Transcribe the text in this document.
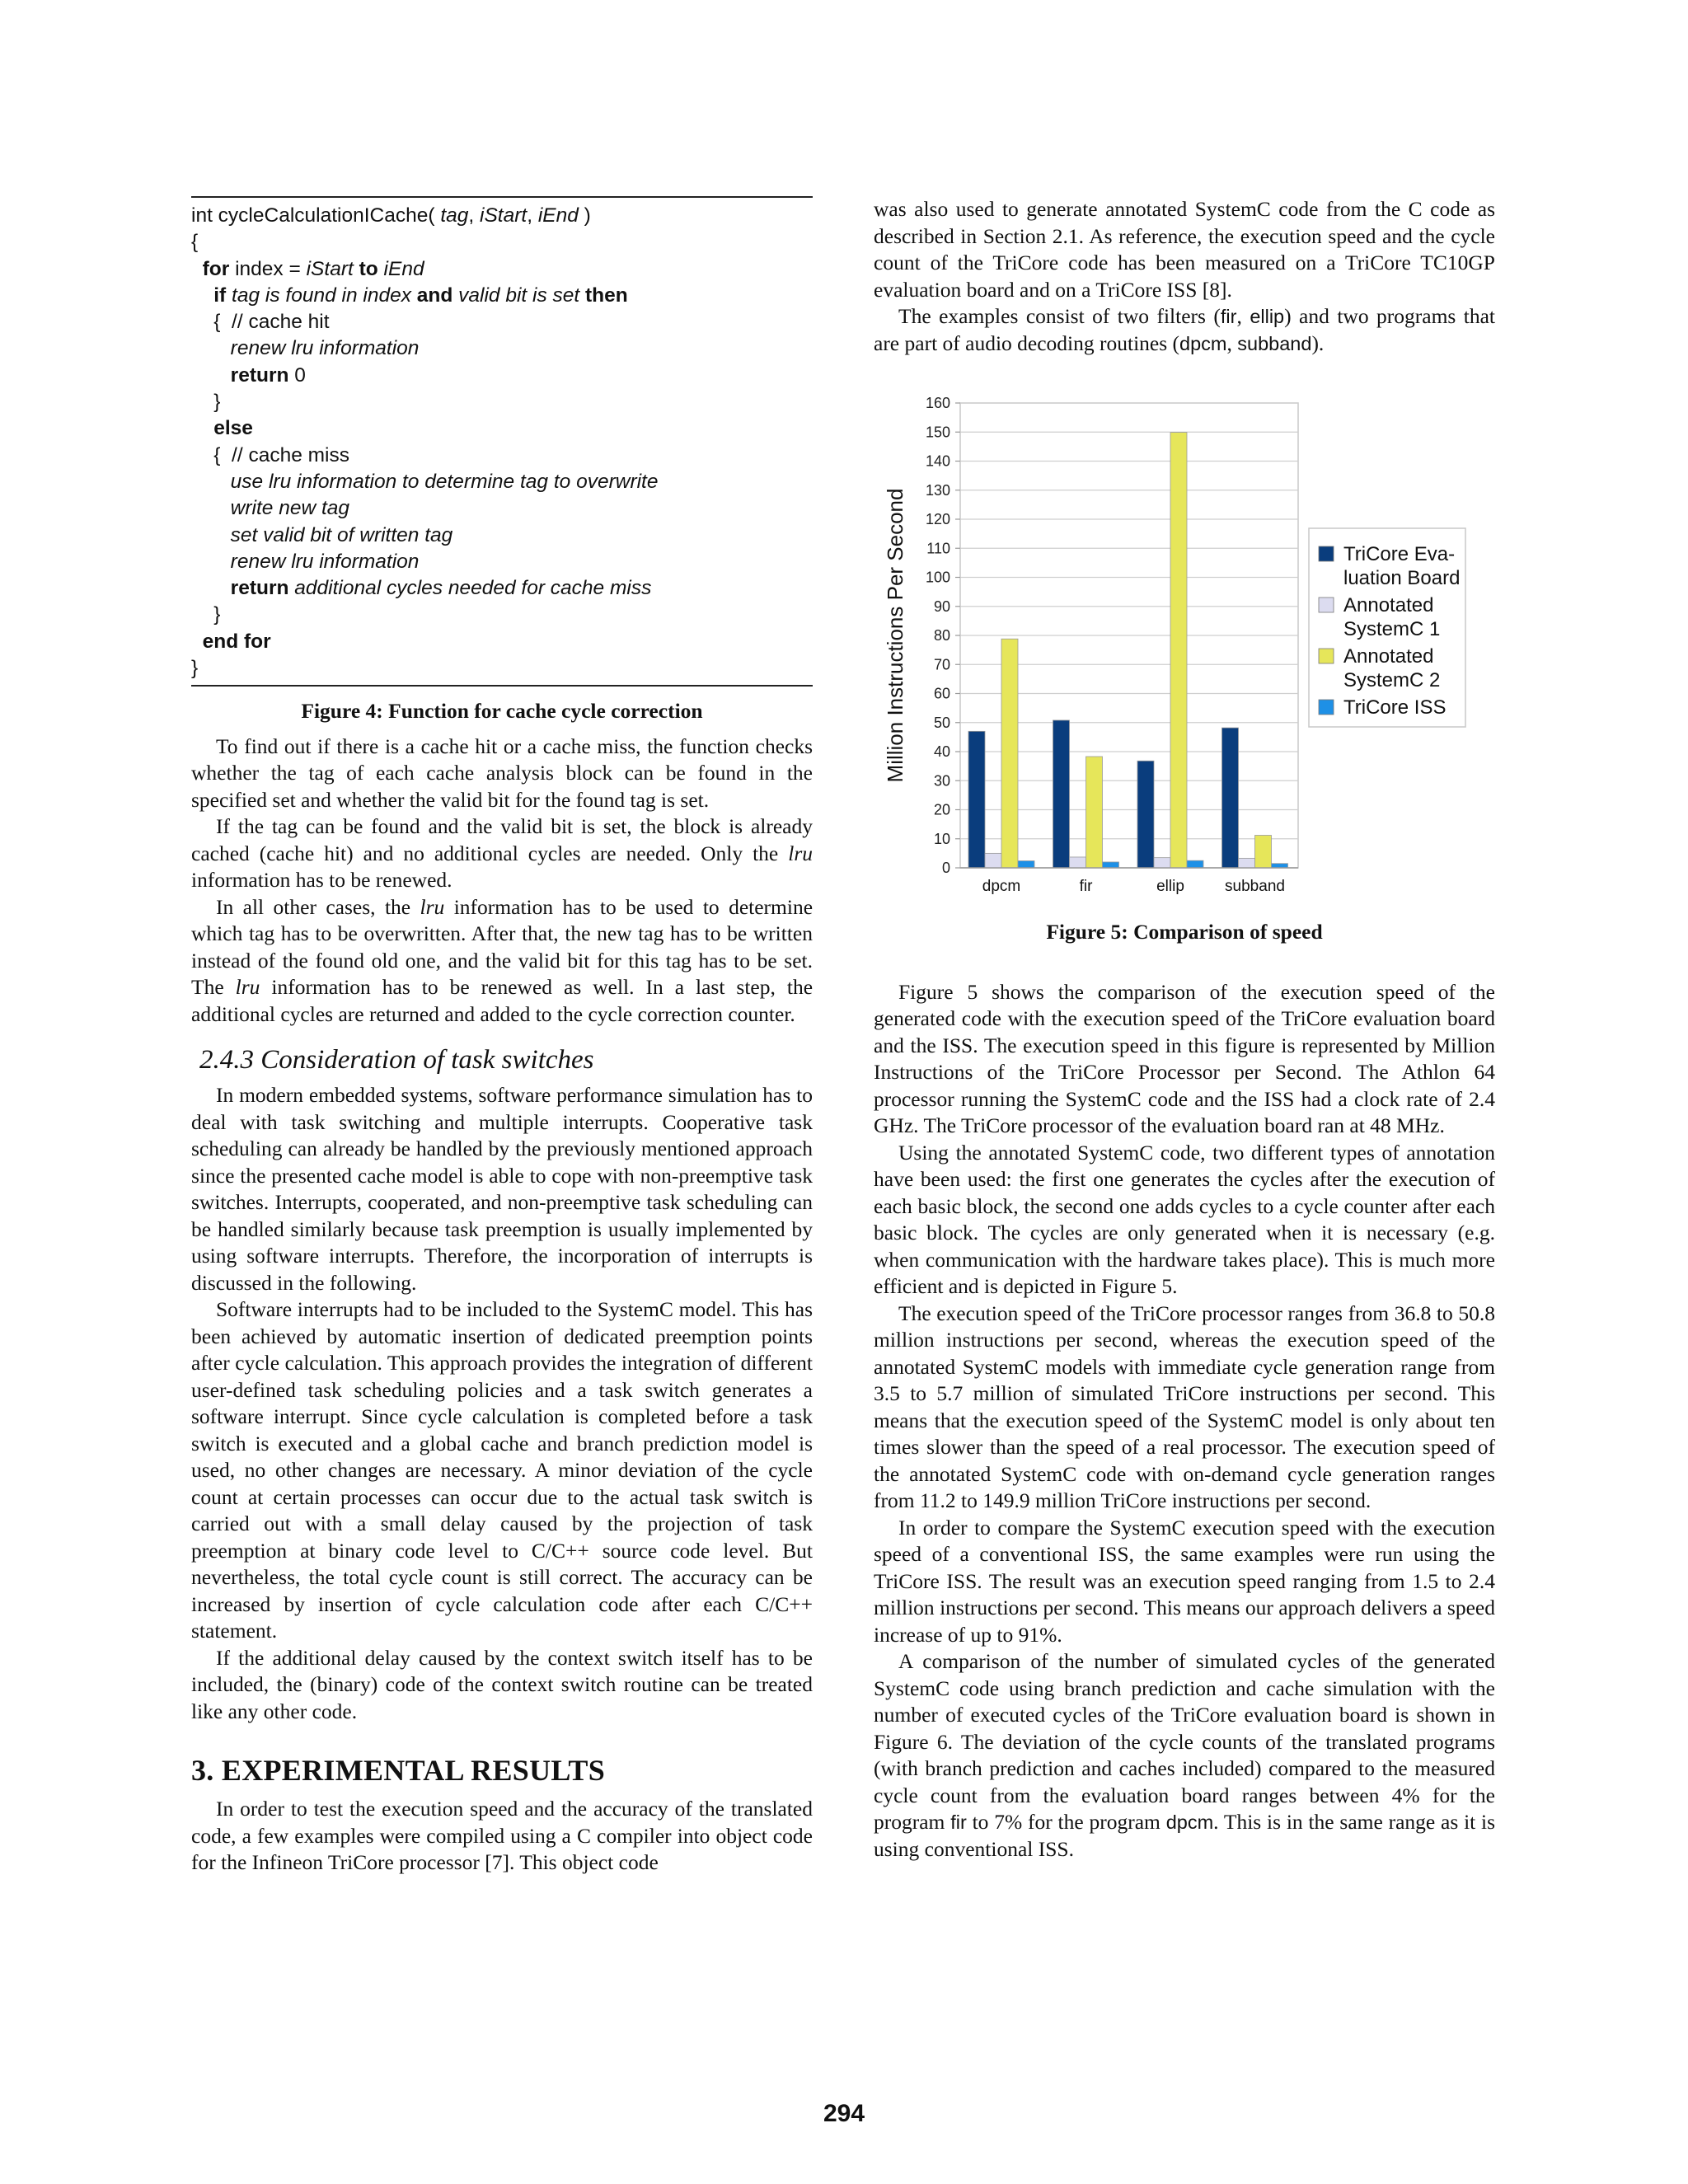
int cycleCalculationICache( tag, iStart, iEnd )
{
for index = iStart to iEnd
if tag is found in index and valid bit is set then
{  // cache hit
renew lru information
return 0
}
else
{  // cache miss
use lru information to determine tag to overwrite
write new tag
set valid bit of written tag
renew lru information
return additional cycles needed for cache miss
}
end for
}
Figure 4: Function for cache cycle correction

To find out if there is a cache hit or a cache miss, the function checks whether the tag of each cache analysis block can be found in the specified set and whether the valid bit for the found tag is set.

If the tag can be found and the valid bit is set, the block is already cached (cache hit) and no additional cycles are needed. Only the lru information has to be renewed.

In all other cases, the lru information has to be used to determine which tag has to be overwritten. After that, the new tag has to be written instead of the found old one, and the valid bit for this tag has to be set. The lru information has to be renewed as well. In a last step, the additional cycles are returned and added to the cycle correction counter.

2.4.3 Consideration of task switches

In modern embedded systems, software performance simulation has to deal with task switching and multiple interrupts. Cooperative task scheduling can already be handled by the previously mentioned approach since the presented cache model is able to cope with non-preemptive task switches. Interrupts, cooperated, and non-preemptive task scheduling can be handled similarly because task preemption is usually implemented by using software interrupts. Therefore, the incorporation of interrupts is discussed in the following.

Software interrupts had to be included to the SystemC model. This has been achieved by automatic insertion of dedicated preemption points after cycle calculation. This approach provides the integration of different user-defined task scheduling policies and a task switch generates a software interrupt. Since cycle calculation is completed before a task switch is executed and a global cache and branch prediction model is used, no other changes are necessary. A minor deviation of the cycle count at certain processes can occur due to the actual task switch is carried out with a small delay caused by the projection of task preemption at binary code level to C/C++ source code level. But nevertheless, the total cycle count is still correct. The accuracy can be increased by insertion of cycle calculation code after each C/C++ statement.

If the additional delay caused by the context switch itself has to be included, the (binary) code of the context switch routine can be treated like any other code.

3. EXPERIMENTAL RESULTS

In order to test the execution speed and the accuracy of the translated code, a few examples were compiled using a C compiler into object code for the Infineon TriCore processor [7]. This object code

was also used to generate annotated SystemC code from the C code as described in Section 2.1. As reference, the execution speed and the cycle count of the TriCore code has been measured on a TriCore TC10GP evaluation board and on a TriCore ISS [8].

The examples consist of two filters (fir, ellip) and two programs that are part of audio decoding routines (dpcm, subband).

0
10
20
30
40
50
60
70
80
90
100
110
120
130
140
150
160
Million Instructions Per Second
dpcm	fir	ellip	subband
TriCore Eva-
luation Board
Annotated
SystemC 1
Annotated
SystemC 2
TriCore ISS
Figure 5: Comparison of speed

Figure 5 shows the comparison of the execution speed of the generated code with the execution speed of the TriCore evaluation board and the ISS. The execution speed in this figure is represented by Million Instructions of the TriCore Processor per Second. The Athlon 64 processor running the SystemC code and the ISS had a clock rate of 2.4 GHz. The TriCore processor of the evaluation board ran at 48 MHz.

Using the annotated SystemC code, two different types of annotation have been used: the first one generates the cycles after the execution of each basic block, the second one adds cycles to a cycle counter after each basic block. The cycles are only generated when it is necessary (e.g. when communication with the hardware takes place). This is much more efficient and is depicted in Figure 5.

The execution speed of the TriCore processor ranges from 36.8 to 50.8 million instructions per second, whereas the execution speed of the annotated SystemC models with immediate cycle generation range from 3.5 to 5.7 million of simulated TriCore instructions per second. This means that the execution speed of the SystemC model is only about ten times slower than the speed of a real processor. The execution speed of the annotated SystemC code with on-demand cycle generation ranges from 11.2 to 149.9 million TriCore instructions per second.

In order to compare the SystemC execution speed with the execution speed of a conventional ISS, the same examples were run using the TriCore ISS. The result was an execution speed ranging from 1.5 to 2.4 million instructions per second. This means our approach delivers a speed increase of up to 91%.

A comparison of the number of simulated cycles of the generated SystemC code using branch prediction and cache simulation with the number of executed cycles of the TriCore evaluation board is shown in Figure 6. The deviation of the cycle counts of the translated programs (with branch prediction and caches included) compared to the measured cycle count from the evaluation board ranges between 4% for the program fir to 7% for the program dpcm. This is in the same range as it is using conventional ISS.

294
